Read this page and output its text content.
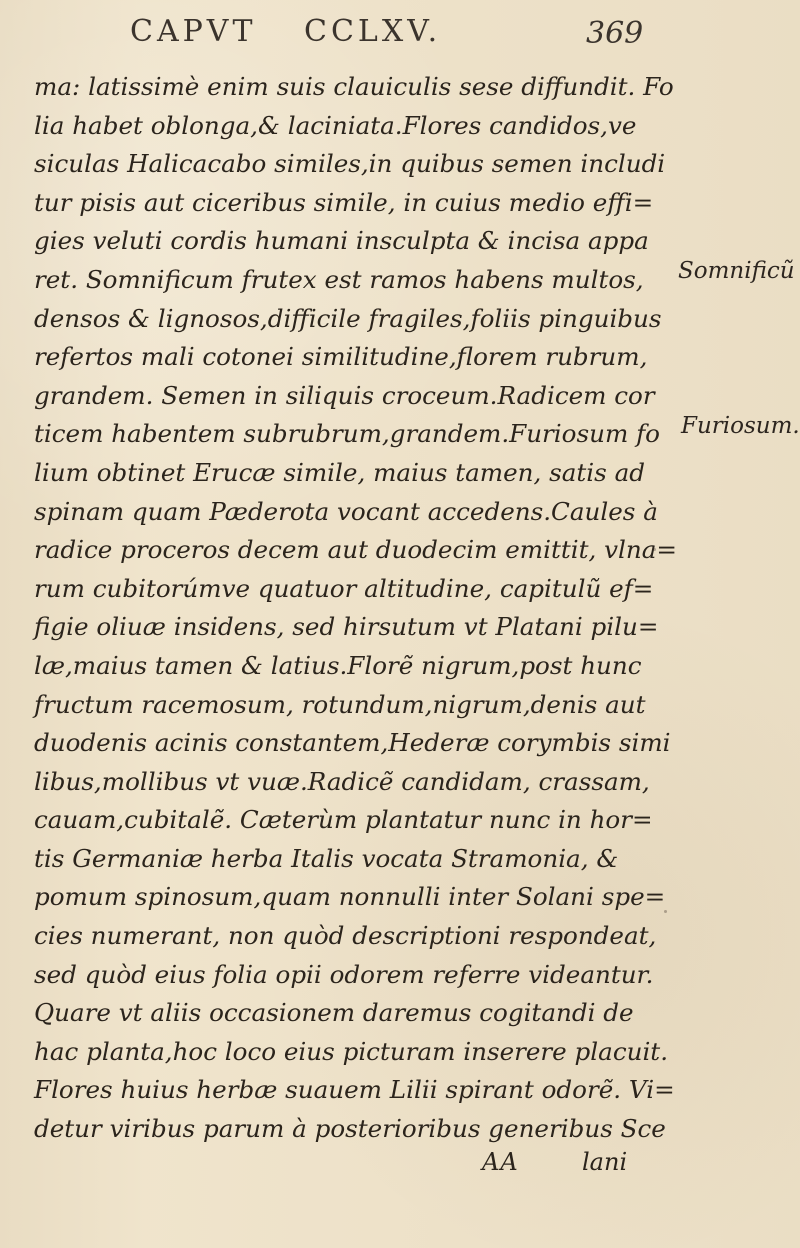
CAPVT CCLXV.	369
ma: latissimè enim suis clauiculis sese diffundit. Fo
lia habet oblonga,& laciniata.Flores candidos,ve
siculas Halicacabo similes,in quibus semen includi
tur pisis aut ciceribus simile, in cuius medio effi=
gies veluti cordis humani insculpta & incisa appa
ret. Somnificum frutex est ramos habens multos,
densos & lignosos,difficile fragiles,foliis pinguibus
refertos mali cotonei similitudine,florem rubrum,
grandem. Semen in siliquis croceum.Radicem cor
ticem habentem subrubrum,grandem.Furiosum fo
lium obtinet Erucæ simile, maius tamen, satis ad
spinam quam Pæderota vocant accedens.Caules à
radice proceros decem aut duodecim emittit, vlna=
rum cubitorúmve quatuor altitudine, capitulũ ef=
figie oliuæ insidens, sed hirsutum vt Platani pilu=
læ,maius tamen & latius.Florẽ nigrum,post hunc
fructum racemosum, rotundum,nigrum,denis aut
duodenis acinis constantem,Hederæ corymbis simi
libus,mollibus vt vuæ.Radicẽ candidam, crassam,
cauam,cubitalẽ. Cæterùm plantatur nunc in hor=
tis Germaniæ herba Italis vocata Stramonia, &
pomum spinosum,quam nonnulli inter Solani spe=
cies numerant, non quòd descriptioni respondeat,
sed quòd eius folia opii odorem referre videantur.
Quare vt aliis occasionem daremus cogitandi de
hac planta,hoc loco eius picturam inserere placuit.
Flores huius herbæ suauem Lilii spirant odorẽ. Vi=
detur viribus parum à posterioribus generibus Sce
Somnificũ
Furiosum.
AA	lani
